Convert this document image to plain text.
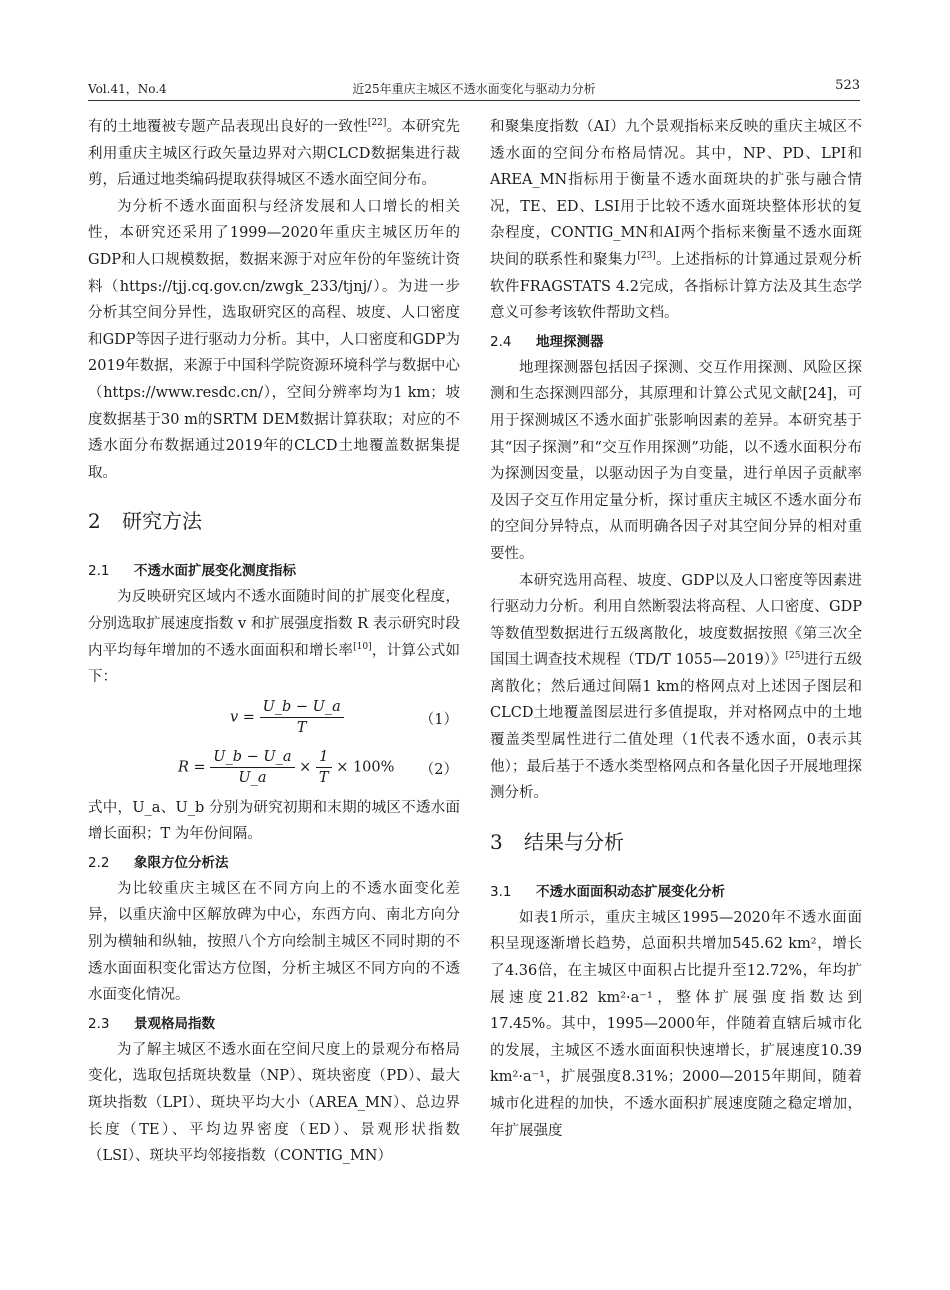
Vol.41，No.4	近25年重庆主城区不透水面变化与驱动力分析	523

有的土地覆被专题产品表现出良好的一致性[22]。本研究先利用重庆主城区行政矢量边界对六期CLCD数据集进行裁剪，后通过地类编码提取获得城区不透水面空间分布。

为分析不透水面面积与经济发展和人口增长的相关性，本研究还采用了1999—2020年重庆主城区历年的GDP和人口规模数据，数据来源于对应年份的年鉴统计资料（https://tjj.cq.gov.cn/zwgk_233/tjnj/）。为进一步分析其空间分异性，选取研究区的高程、坡度、人口密度和GDP等因子进行驱动力分析。其中，人口密度和GDP为2019年数据，来源于中国科学院资源环境科学与数据中心（https://www.resdc.cn/），空间分辨率均为1 km；坡度数据基于30 m的SRTM DEM数据计算获取；对应的不透水面分布数据通过2019年的CLCD土地覆盖数据集提取。

2 研究方法
2.1 不透水面扩展变化测度指标

为反映研究区域内不透水面随时间的扩展变化程度，分别选取扩展速度指数 v 和扩展强度指数 R 表示研究时段内平均每年增加的不透水面面积和增长率[10]，计算公式如下：

$v = \frac{U\_b - U\_a}{T}$	（1）
$R = \frac{U\_b - U\_a}{U\_a} \times \frac{1}{T} \times 100\%$ （2）

式中，U_a、U_b 分别为研究初期和末期的城区不透水面增长面积；T 为年份间隔。

2.2 象限方位分析法

为比较重庆主城区在不同方向上的不透水面变化差异，以重庆渝中区解放碑为中心，东西方向、南北方向分别为横轴和纵轴，按照八个方向绘制主城区不同时期的不透水面面积变化雷达方位图，分析主城区不同方向的不透水面变化情况。

2.3 景观格局指数

为了解主城区不透水面在空间尺度上的景观分布格局变化，选取包括斑块数量（NP）、斑块密度（PD）、最大斑块指数（LPI）、斑块平均大小（AREA_MN）、总边界长度（TE）、平均边界密度（ED）、景观形状指数（LSI）、斑块平均邻接指数（CONTIG_MN）

和聚集度指数（AI）九个景观指标来反映的重庆主城区不透水面的空间分布格局情况。其中，NP、PD、LPI和AREA_MN指标用于衡量不透水面斑块的扩张与融合情况，TE、ED、LSI用于比较不透水面斑块整体形状的复杂程度，CONTIG_MN和AI两个指标来衡量不透水面斑块间的联系性和聚集力[23]。上述指标的计算通过景观分析软件FRAGSTATS 4.2完成，各指标计算方法及其生态学意义可参考该软件帮助文档。

2.4 地理探测器

地理探测器包括因子探测、交互作用探测、风险区探测和生态探测四部分，其原理和计算公式见文献[24]，可用于探测城区不透水面扩张影响因素的差异。本研究基于其“因子探测”和“交互作用探测”功能，以不透水面积分布为探测因变量，以驱动因子为自变量，进行单因子贡献率及因子交互作用定量分析，探讨重庆主城区不透水面分布的空间分异特点，从而明确各因子对其空间分异的相对重要性。

本研究选用高程、坡度、GDP以及人口密度等因素进行驱动力分析。利用自然断裂法将高程、人口密度、GDP等数值型数据进行五级离散化，坡度数据按照《第三次全国国土调查技术规程（TD/T 1055—2019）》[25]进行五级离散化；然后通过间隔1 km的格网点对上述因子图层和CLCD土地覆盖图层进行多值提取，并对格网点中的土地覆盖类型属性进行二值处理（1代表不透水面，0表示其他）；最后基于不透水类型格网点和各量化因子开展地理探测分析。

3 结果与分析
3.1 不透水面面积动态扩展变化分析

如表1所示，重庆主城区1995—2020年不透水面面积呈现逐渐增长趋势，总面积共增加545.62 km²，增长了4.36倍，在主城区中面积占比提升至12.72%，年均扩展速度21.82 km²·a⁻¹，整体扩展强度指数达到17.45%。其中，1995—2000年，伴随着直辖后城市化的发展，主城区不透水面面积快速增长，扩展速度10.39 km²·a⁻¹，扩展强度8.31%；2000—2015年期间，随着城市化进程的加快，不透水面积扩展速度随之稳定增加，年扩展强度
